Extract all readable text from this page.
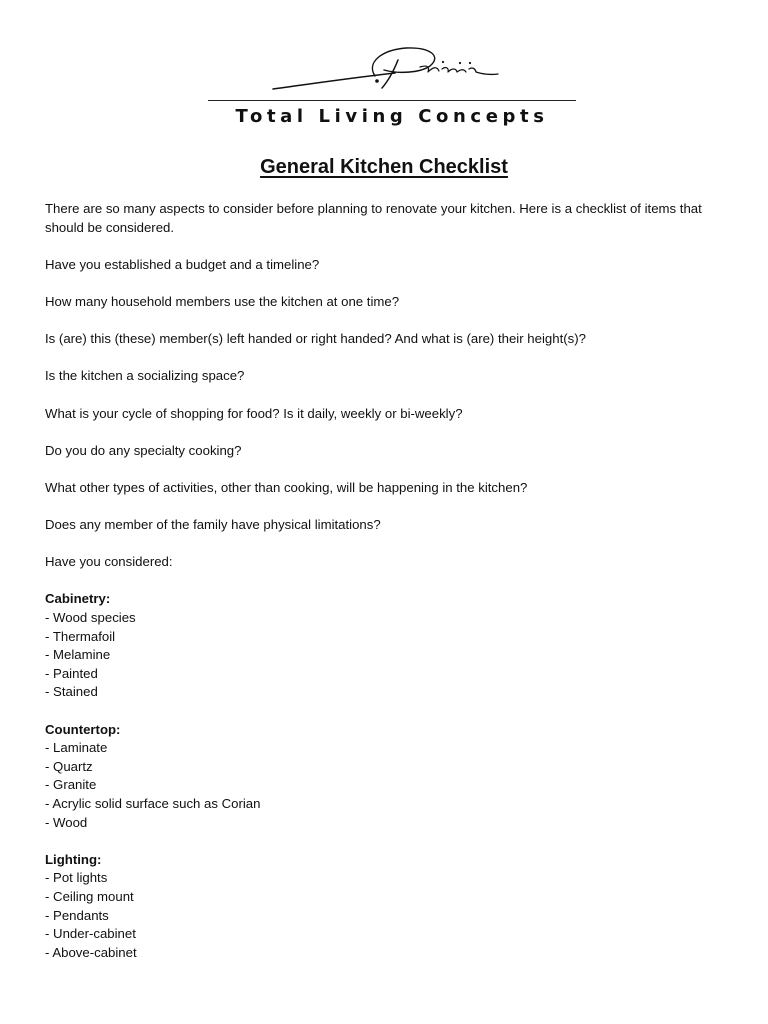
Total Living Concepts
General Kitchen Checklist

There are so many aspects to consider before planning to renovate your kitchen. Here is a checklist of items that should be considered.

Have you established a budget and a timeline?

How many household members use the kitchen at one time?

Is (are) this (these) member(s) left handed or right handed? And what is (are) their height(s)?

Is the kitchen a socializing space?

What is your cycle of shopping for food? Is it daily, weekly or bi-weekly?

Do you do any specialty cooking?

What other types of activities, other than cooking, will be happening in the kitchen?

Does any member of the family have physical limitations?

Have you considered:

Cabinetry:
- Wood species
- Thermafoil
- Melamine
- Painted
- Stained
Countertop:
- Laminate
- Quartz
- Granite
- Acrylic solid surface such as Corian
- Wood
Lighting:
- Pot lights
- Ceiling mount
- Pendants
- Under-cabinet
- Above-cabinet
